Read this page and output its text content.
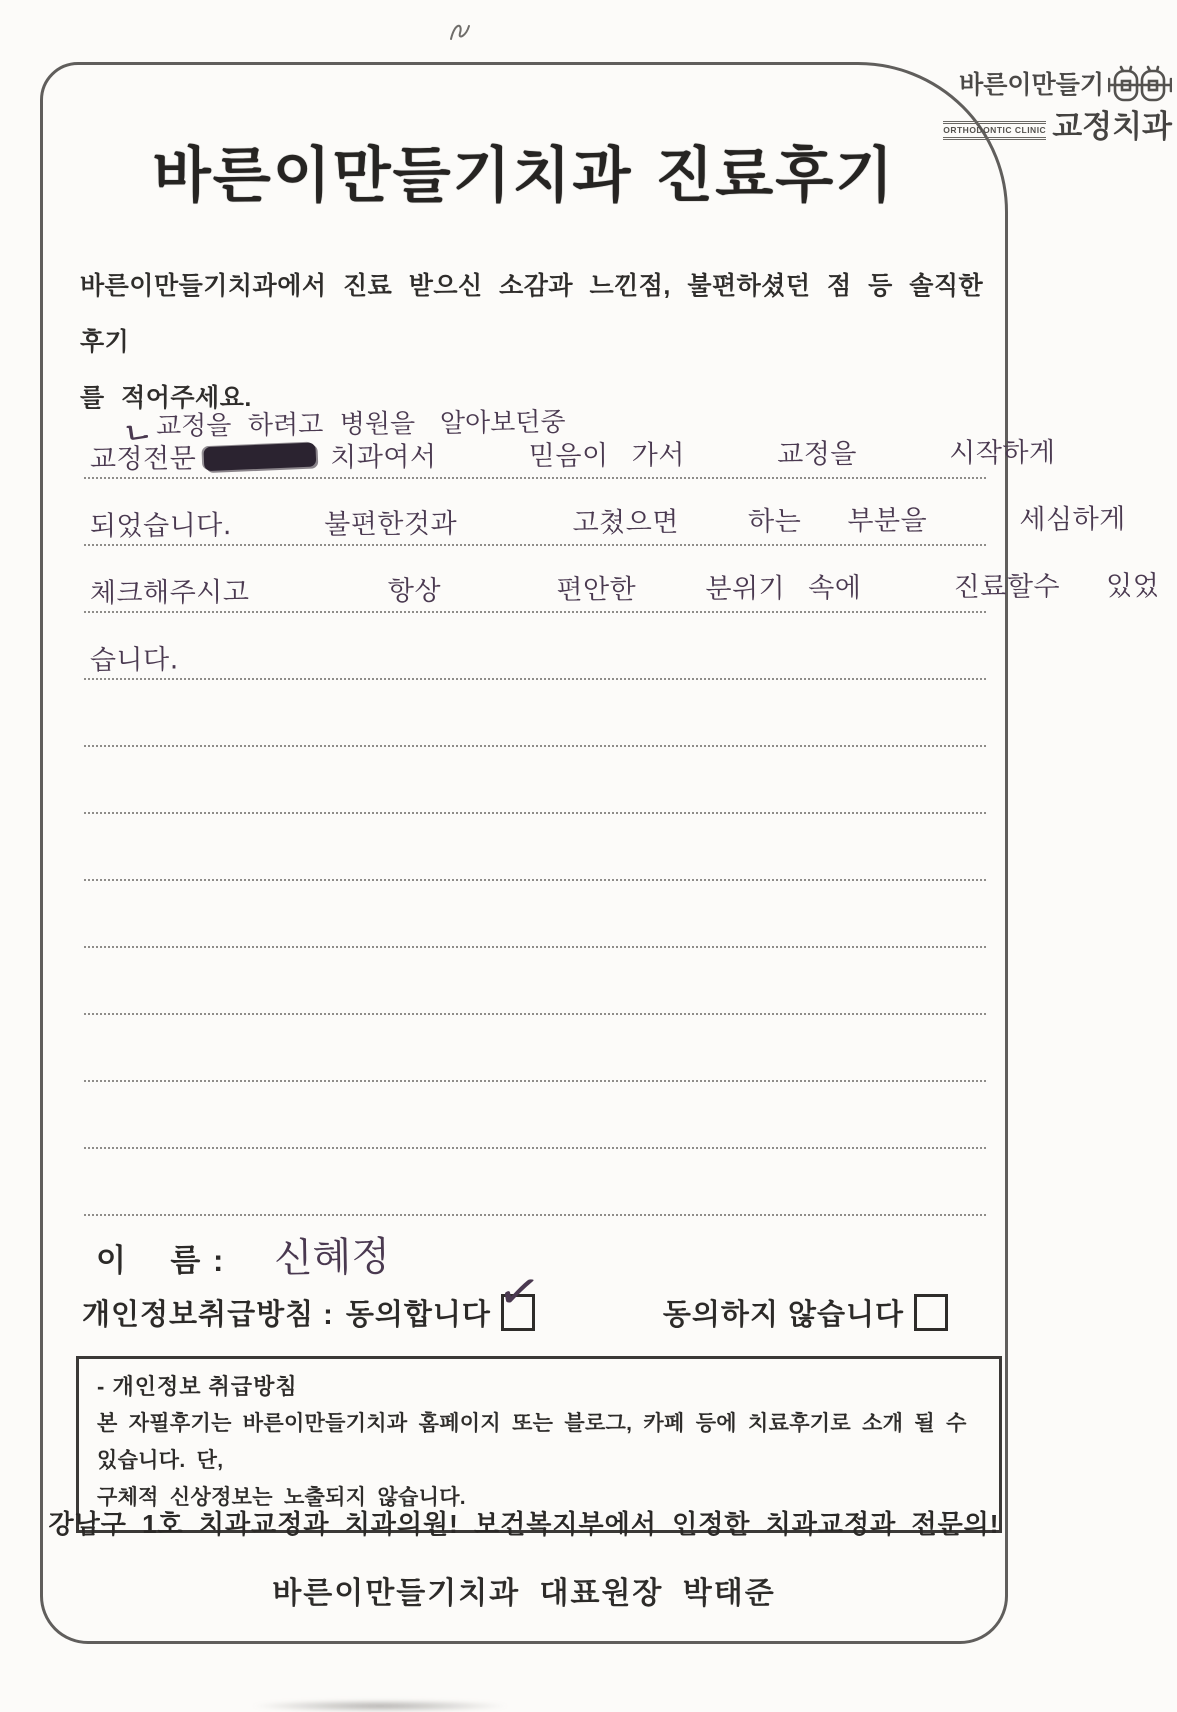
바른이만들기
ORTHODONTIC CLINIC 교정치과
바른이만들기치과 진료후기
바른이만들기치과에서 진료 받으신 소감과 느낀점, 불편하셨던 점 등 솔직한 후기
를 적어주세요.

ㄴ교정을  하려고  병원을   알아보던중

교정전문	치과여서    믿음이 가서    교정을    시작하게
되었습니다.    불편한것과     고쳤으면   하는  부분을    세심하게
체크해주시고      항상     편안한   분위기 속에    진료할수  있었
습니다.
이    름 : 신혜정
개인정보취급방침 : 동의합니다 ✓	동의하지 않습니다
- 개인정보 취급방침
본 자필후기는 바른이만들기치과 홈페이지 또는 블로그, 카페 등에 치료후기로 소개 될 수 있습니다. 단,
구체적 신상정보는 노출되지 않습니다.
강남구 1호 치과교정과 치과의원! 보건복지부에서 인정한 치과교정과 전문의!
바른이만들기치과 대표원장 박태준
